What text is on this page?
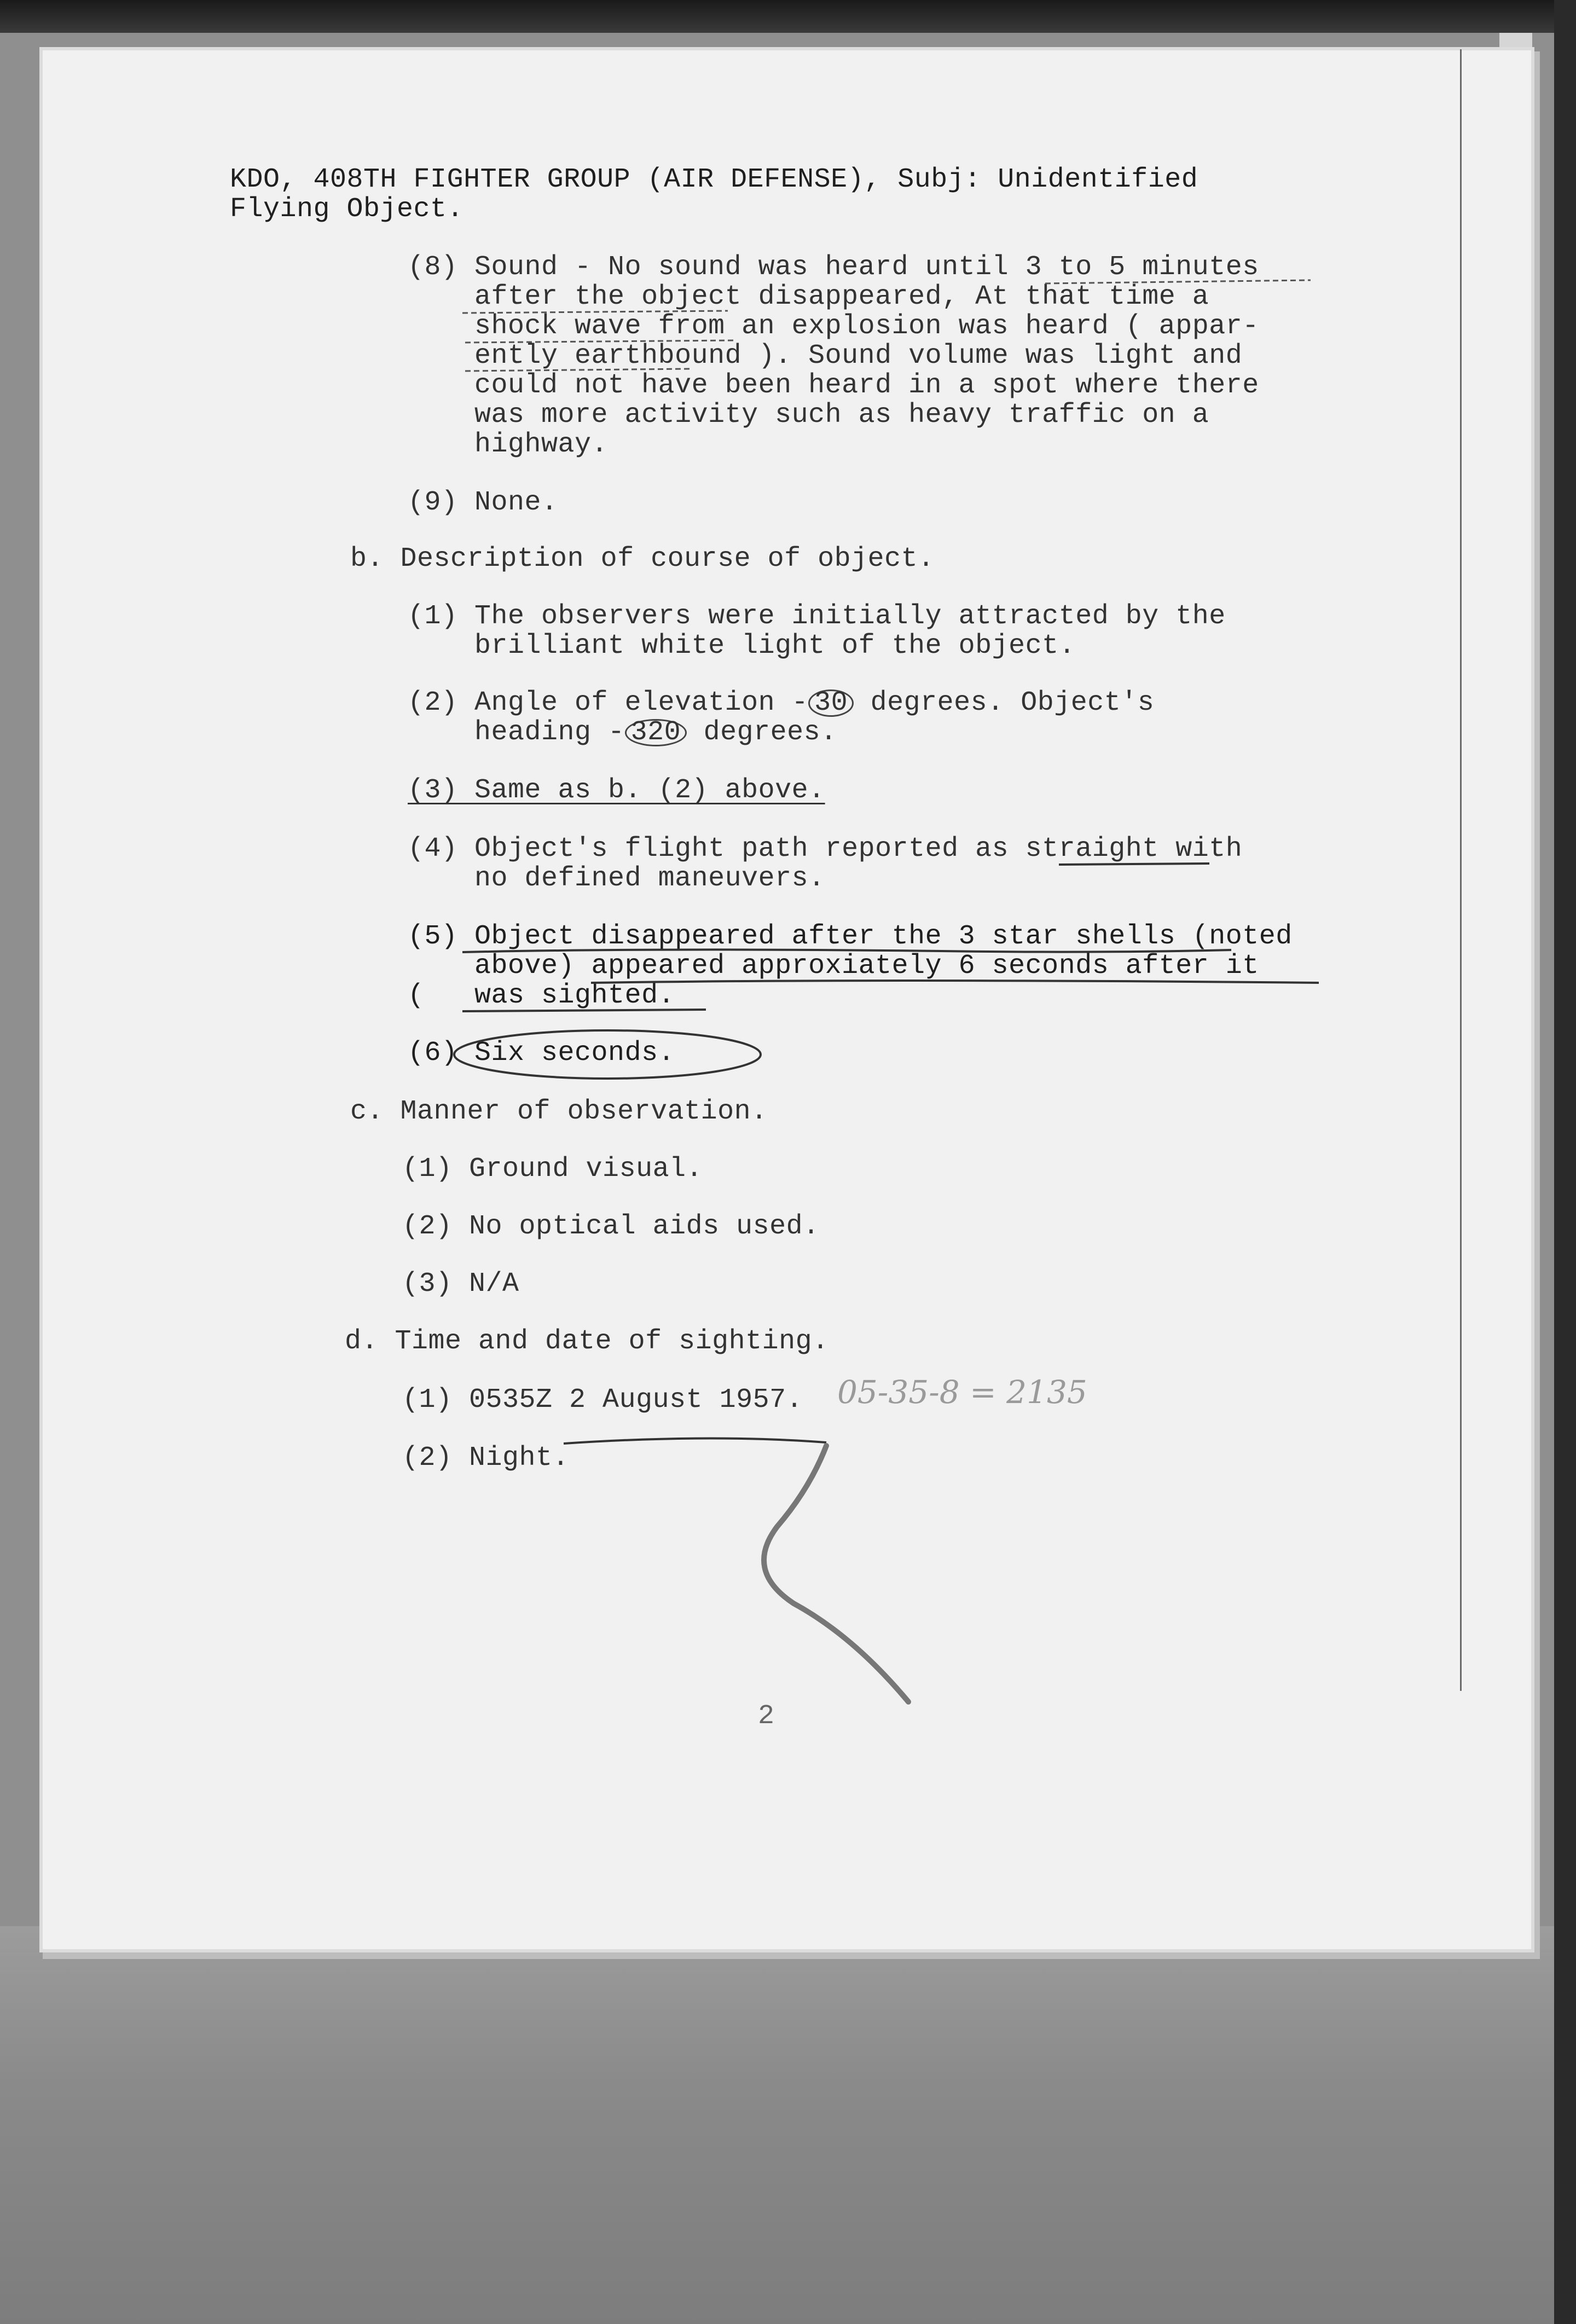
KDO, 408TH FIGHTER GROUP (AIR DEFENSE), Subj: Unidentified
Flying Object.
(8) Sound - No sound was heard until 3 to 5 minutes
after the object disappeared, At that time a
shock wave from an explosion was heard ( appar-
ently earthbound ). Sound volume was light and
could not have been heard in a spot where there
was more activity such as heavy traffic on a
highway.
(9) None.
b. Description of course of object.
(1) The observers were initially attracted by the
brilliant white light of the object.
(2) Angle of elevation - 30 degrees. Object's
heading - 320 degrees.
(3) Same as b. (2) above.
(4) Object's flight path reported as straight with
no defined maneuvers.
(5) Object disappeared after the 3 star shells (noted
above) appeared approxiately 6 seconds after it
(   was sighted.
(6) Six seconds.
c. Manner of observation.
(1) Ground visual.
(2) No optical aids used.
(3) N/A
d. Time and date of sighting.
(1) 0535Z 2 August 1957. 05-35-8 = 2135
(2) Night.
2
